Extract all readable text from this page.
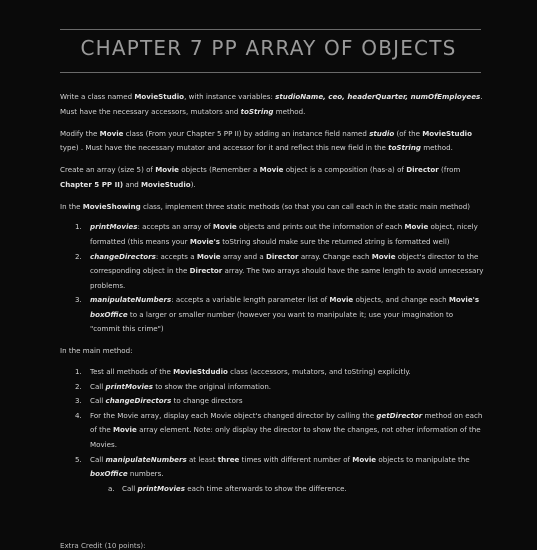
CHAPTER 7 PP ARRAY OF OBJECTS

Write a class named MovieStudio, with instance variables: studioName, ceo, headerQuarter, numOfEmployees. Must have the necessary accessors, mutators and toString method.

Modify the Movie class (From your Chapter 5 PP II) by adding an instance field named studio (of the MovieStudio type) . Must have the necessary mutator and accessor for it and reflect this new field in the toString method.

Create an array (size 5) of Movie objects (Remember a Movie object is a composition (has-a) of Director (from Chapter 5 PP II) and MovieStudio).

In the MovieShowing class, implement three static methods (so that you can call each in the static main method)

1. printMovies: accepts an array of Movie objects and prints out the information of each Movie object, nicely formatted (this means your Movie's toString should make sure the returned string is formatted well)
2. changeDirectors: accepts a Movie array and a Director array. Change each Movie object's director to the corresponding object in the Director array. The two arrays should have the same length to avoid unnecessary problems.
3. manipulateNumbers: accepts a variable length parameter list of Movie objects, and change each Movie's boxOffice to a larger or smaller number (however you want to manipulate it; use your imagination to "commit this crime")

In the main method:

1. Test all methods of the MovieStdudio class (accessors, mutators, and toString) explicitly.
2. Call printMovies to show the original information.
3. Call changeDirectors to change directors
4. For the Movie array, display each Movie object's changed director by calling the getDirector method on each of the Movie array element. Note: only display the director to show the changes, not other information of the Movies.
5. Call manipulateNumbers at least three times with different number of Movie objects to manipulate the boxOffice numbers.
a. Call printMovies each time afterwards to show the difference.
Extra Credit (10 points):
